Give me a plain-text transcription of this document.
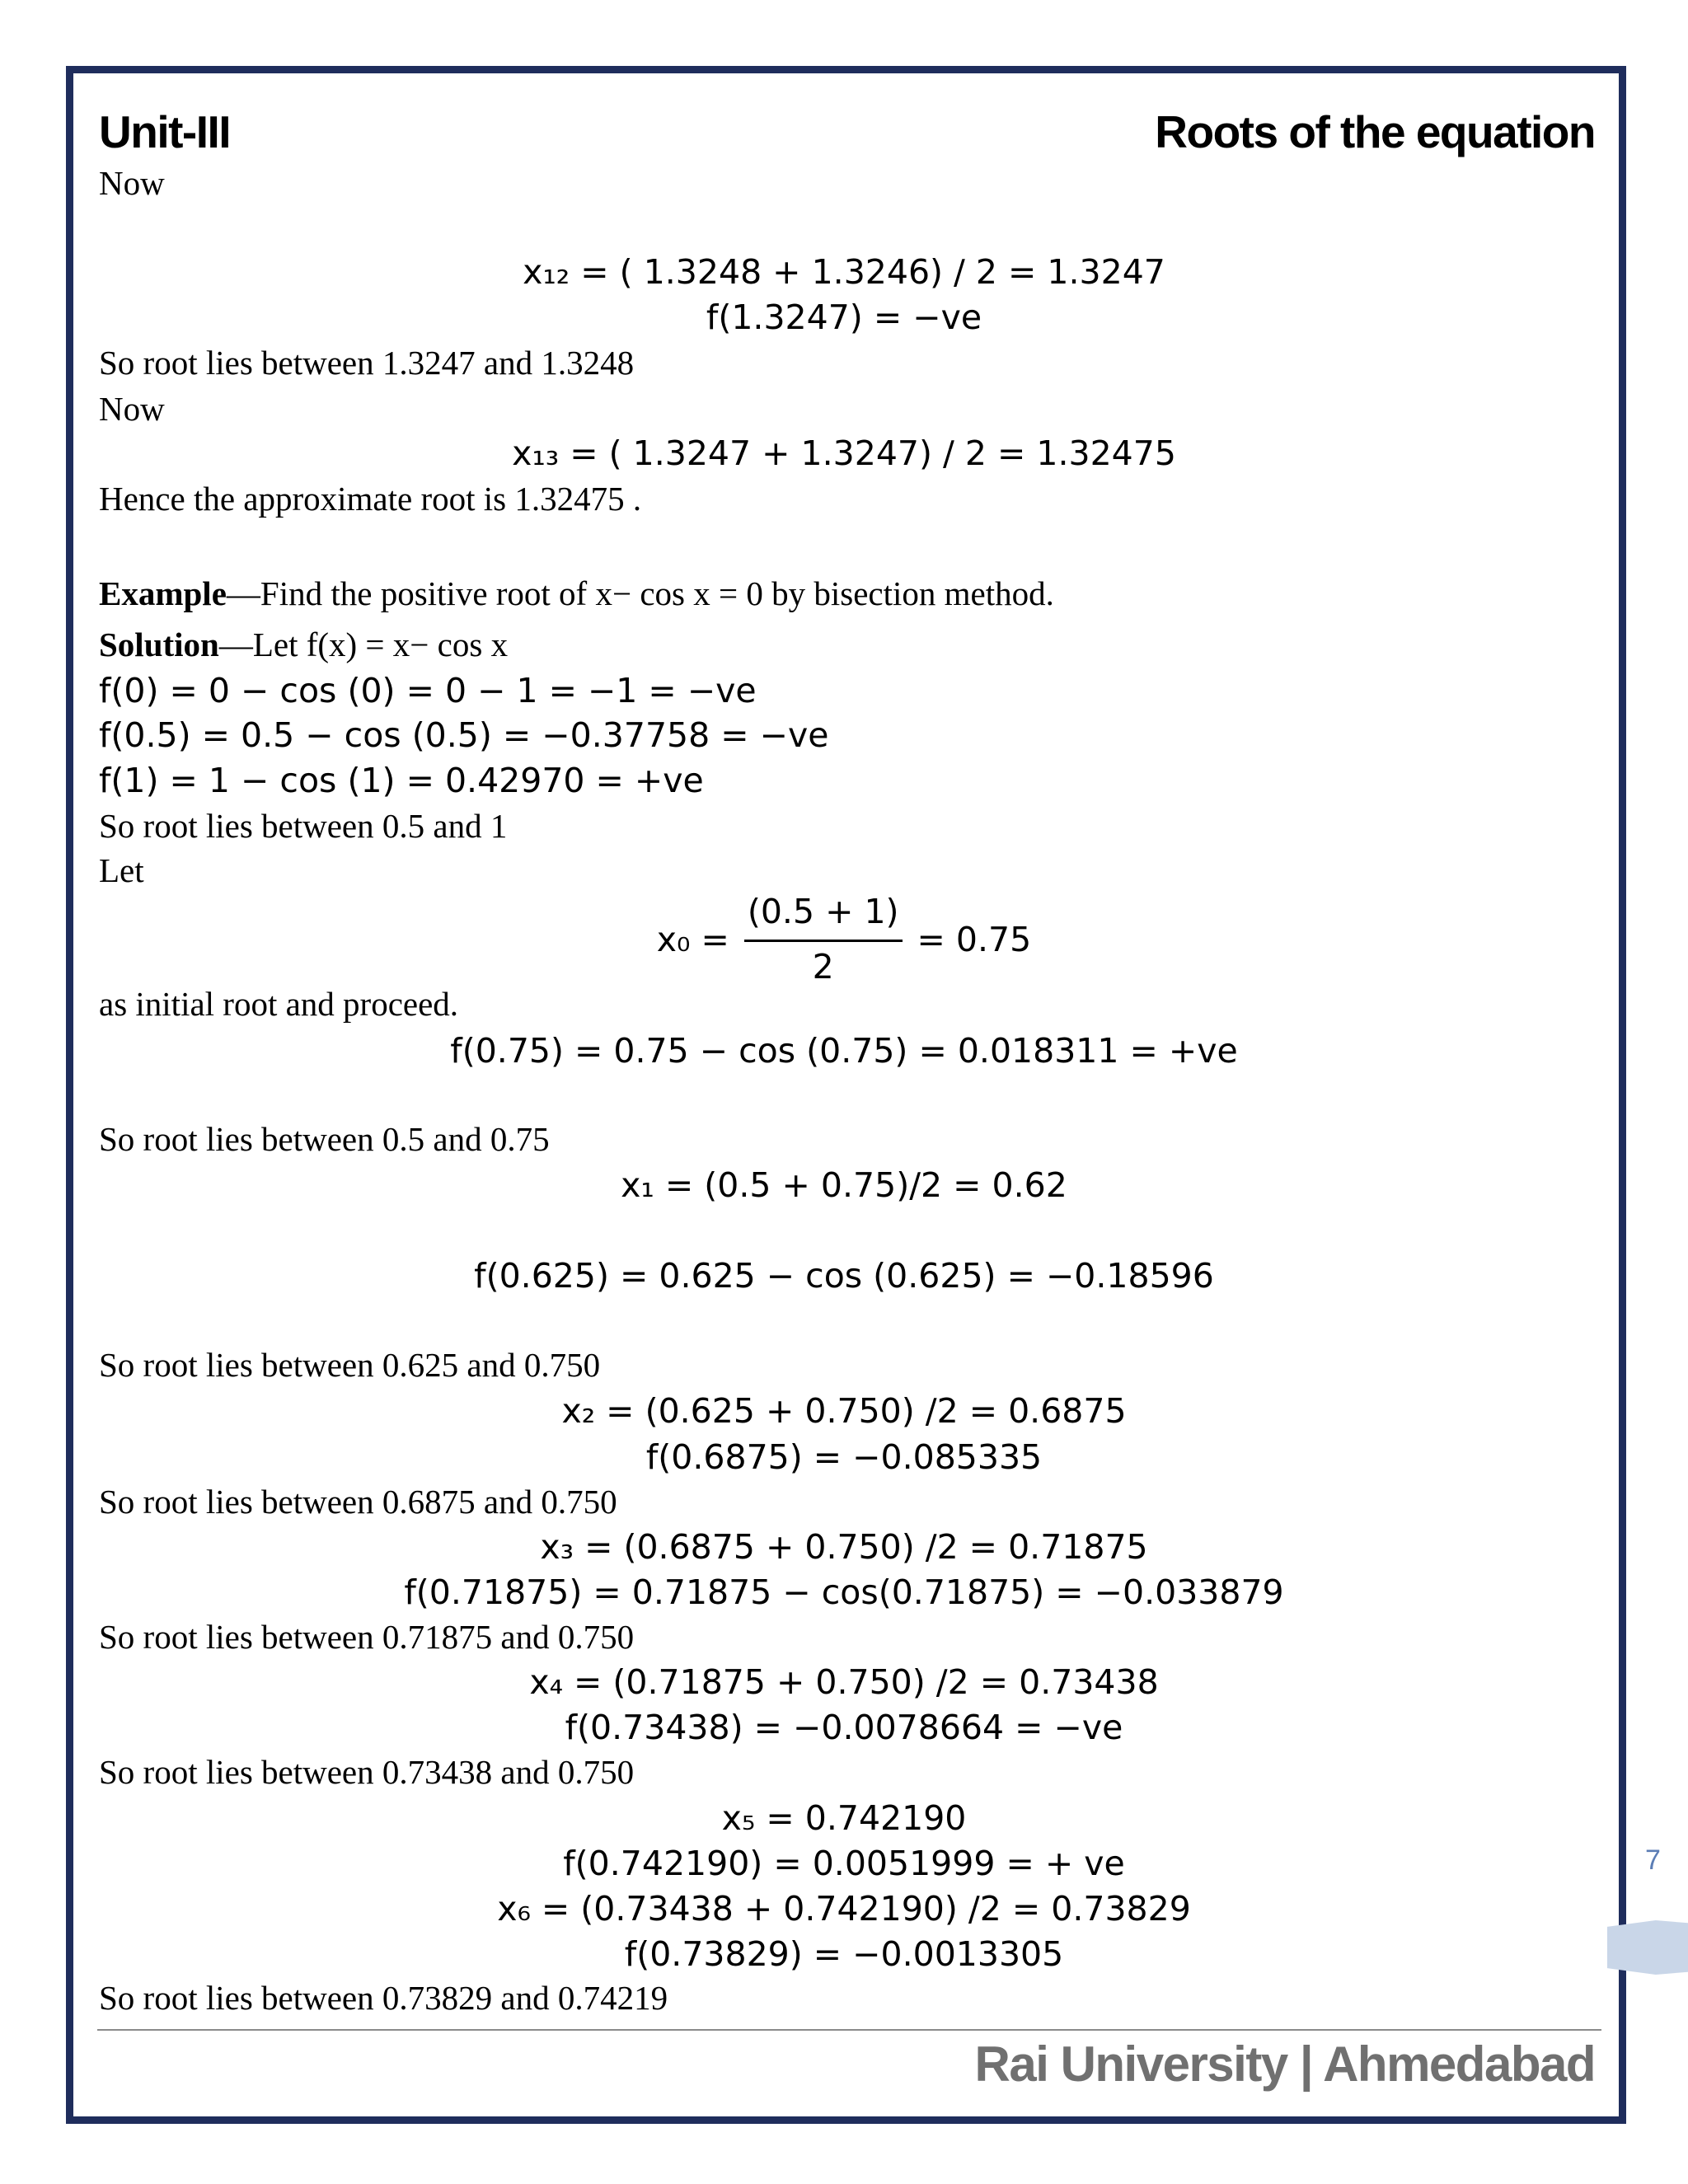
Unit-III	Roots of the equation
Now
x₁₂ = ( 1.3248 + 1.3246) / 2 = 1.3247
f(1.3247) = −ve
So root lies between 1.3247 and 1.3248
Now
x₁₃ = ( 1.3247 + 1.3247) / 2 = 1.32475
Hence the approximate root is 1.32475 .
Example—Find the positive root of x− cos x = 0 by bisection method.
Solution—Let f(x) = x− cos x
f(0) = 0 − cos (0) = 0 − 1 = −1 = −ve
f(0.5) = 0.5 − cos (0.5) = −0.37758 = −ve
f(1) = 1 − cos (1) = 0.42970 = +ve
So root lies between 0.5 and 1
Let
$x_0 = \frac{(0.5 + 1)}{2} = 0.75$
as initial root and proceed.
f(0.75) = 0.75 − cos (0.75) = 0.018311 = +ve
So root lies between 0.5 and 0.75
x₁ = (0.5 + 0.75)/2 = 0.62
f(0.625) = 0.625 − cos (0.625) = −0.18596
So root lies between 0.625 and 0.750
x₂ = (0.625 + 0.750) /2 = 0.6875
f(0.6875) = −0.085335
So root lies between 0.6875 and 0.750
x₃ = (0.6875 + 0.750) /2 = 0.71875
f(0.71875) = 0.71875 − cos(0.71875) = −0.033879
So root lies between 0.71875 and 0.750
x₄ = (0.71875 + 0.750) /2 = 0.73438
f(0.73438) = −0.0078664 = −ve
So root lies between 0.73438 and 0.750
x₅ = 0.742190
f(0.742190) = 0.0051999 = + ve
x₆ = (0.73438 + 0.742190) /2 = 0.73829
f(0.73829) = −0.0013305
So root lies between 0.73829 and 0.74219
Rai University | Ahmedabad
7
